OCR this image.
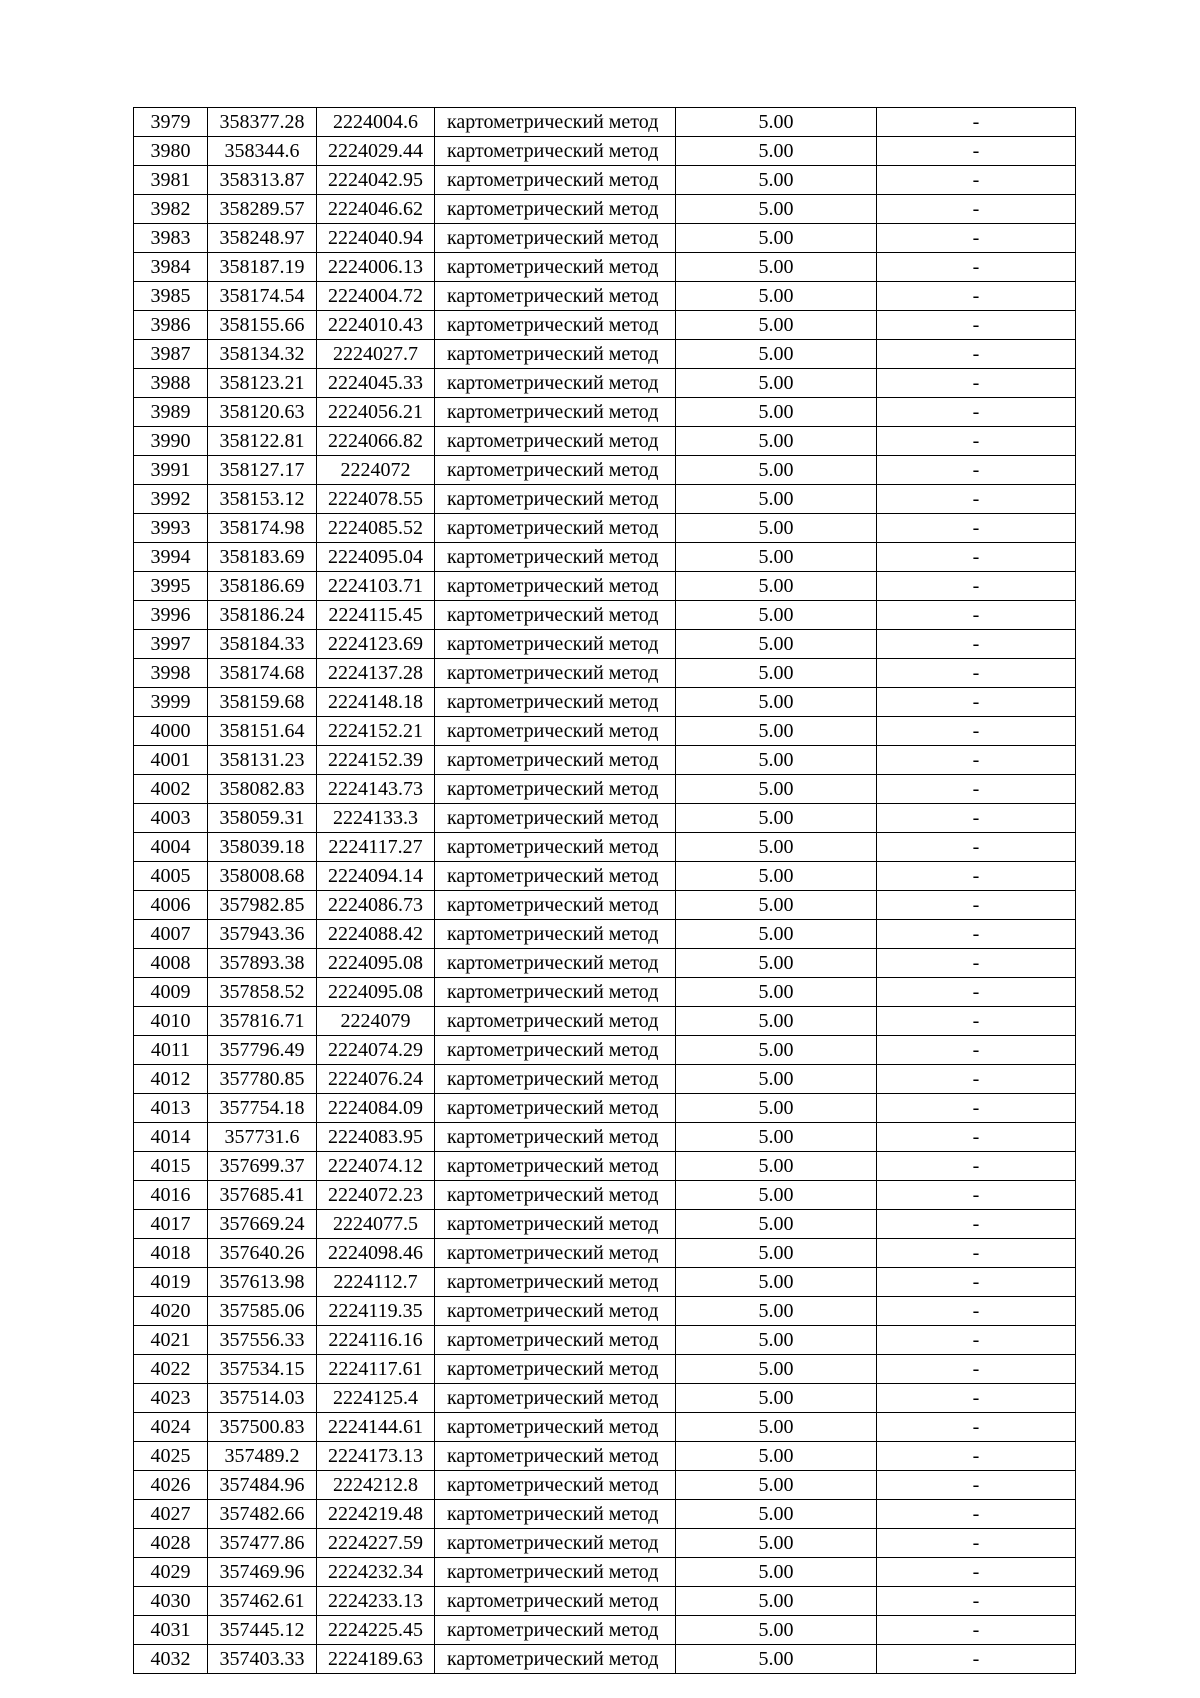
3979	358377.28	2224004.6	картометрический метод	5.00	-
3980	358344.6	2224029.44	картометрический метод	5.00	-
3981	358313.87	2224042.95	картометрический метод	5.00	-
3982	358289.57	2224046.62	картометрический метод	5.00	-
3983	358248.97	2224040.94	картометрический метод	5.00	-
3984	358187.19	2224006.13	картометрический метод	5.00	-
3985	358174.54	2224004.72	картометрический метод	5.00	-
3986	358155.66	2224010.43	картометрический метод	5.00	-
3987	358134.32	2224027.7	картометрический метод	5.00	-
3988	358123.21	2224045.33	картометрический метод	5.00	-
3989	358120.63	2224056.21	картометрический метод	5.00	-
3990	358122.81	2224066.82	картометрический метод	5.00	-
3991	358127.17	2224072	картометрический метод	5.00	-
3992	358153.12	2224078.55	картометрический метод	5.00	-
3993	358174.98	2224085.52	картометрический метод	5.00	-
3994	358183.69	2224095.04	картометрический метод	5.00	-
3995	358186.69	2224103.71	картометрический метод	5.00	-
3996	358186.24	2224115.45	картометрический метод	5.00	-
3997	358184.33	2224123.69	картометрический метод	5.00	-
3998	358174.68	2224137.28	картометрический метод	5.00	-
3999	358159.68	2224148.18	картометрический метод	5.00	-
4000	358151.64	2224152.21	картометрический метод	5.00	-
4001	358131.23	2224152.39	картометрический метод	5.00	-
4002	358082.83	2224143.73	картометрический метод	5.00	-
4003	358059.31	2224133.3	картометрический метод	5.00	-
4004	358039.18	2224117.27	картометрический метод	5.00	-
4005	358008.68	2224094.14	картометрический метод	5.00	-
4006	357982.85	2224086.73	картометрический метод	5.00	-
4007	357943.36	2224088.42	картометрический метод	5.00	-
4008	357893.38	2224095.08	картометрический метод	5.00	-
4009	357858.52	2224095.08	картометрический метод	5.00	-
4010	357816.71	2224079	картометрический метод	5.00	-
4011	357796.49	2224074.29	картометрический метод	5.00	-
4012	357780.85	2224076.24	картометрический метод	5.00	-
4013	357754.18	2224084.09	картометрический метод	5.00	-
4014	357731.6	2224083.95	картометрический метод	5.00	-
4015	357699.37	2224074.12	картометрический метод	5.00	-
4016	357685.41	2224072.23	картометрический метод	5.00	-
4017	357669.24	2224077.5	картометрический метод	5.00	-
4018	357640.26	2224098.46	картометрический метод	5.00	-
4019	357613.98	2224112.7	картометрический метод	5.00	-
4020	357585.06	2224119.35	картометрический метод	5.00	-
4021	357556.33	2224116.16	картометрический метод	5.00	-
4022	357534.15	2224117.61	картометрический метод	5.00	-
4023	357514.03	2224125.4	картометрический метод	5.00	-
4024	357500.83	2224144.61	картометрический метод	5.00	-
4025	357489.2	2224173.13	картометрический метод	5.00	-
4026	357484.96	2224212.8	картометрический метод	5.00	-
4027	357482.66	2224219.48	картометрический метод	5.00	-
4028	357477.86	2224227.59	картометрический метод	5.00	-
4029	357469.96	2224232.34	картометрический метод	5.00	-
4030	357462.61	2224233.13	картометрический метод	5.00	-
4031	357445.12	2224225.45	картометрический метод	5.00	-
4032	357403.33	2224189.63	картометрический метод	5.00	-
